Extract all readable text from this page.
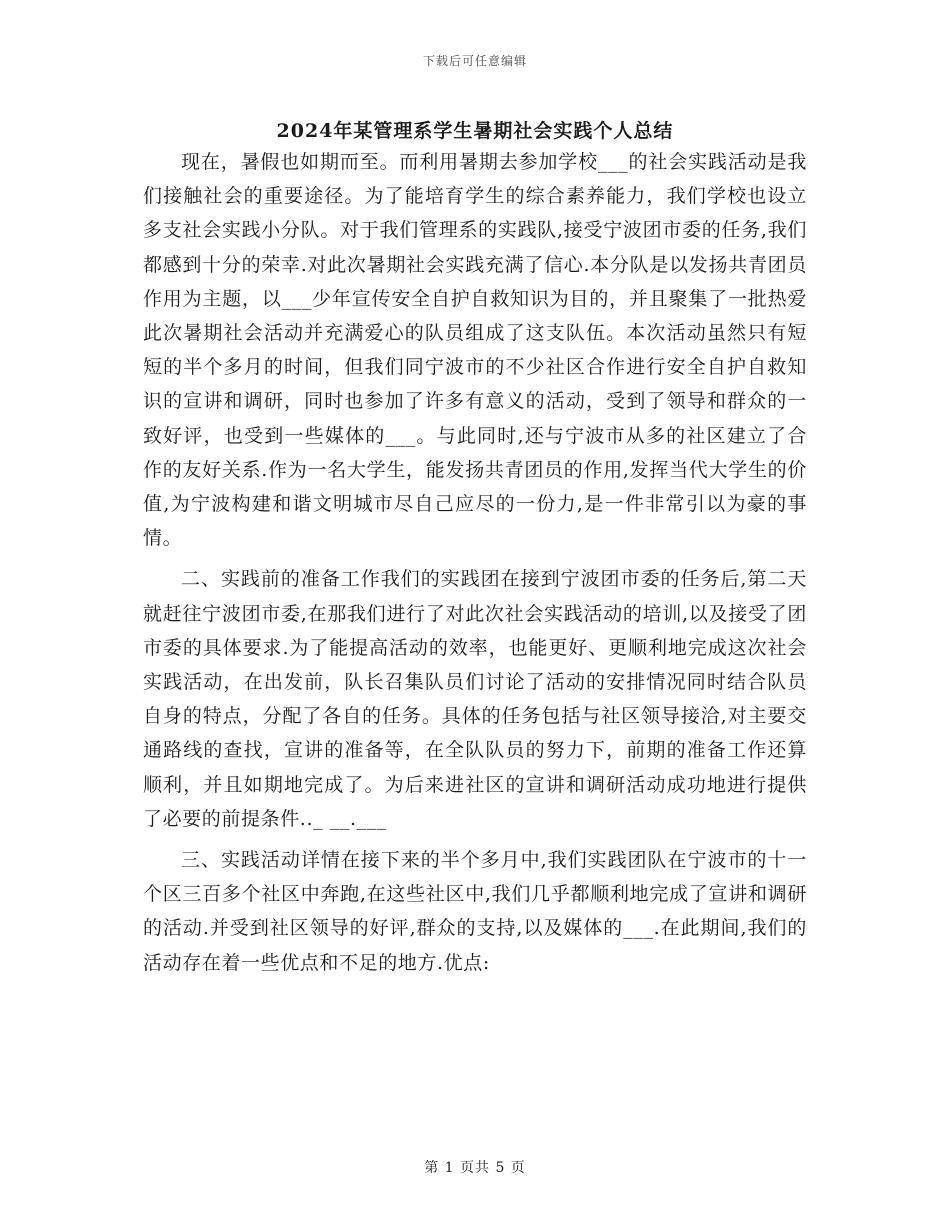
下载后可任意编辑
2024年某管理系学生暑期社会实践个人总结

现在，暑假也如期而至。而利用暑期去参加学校___的社会实践活动是我们接触社会的重要途径。为了能培育学生的综合素养能力，我们学校也设立多支社会实践小分队。对于我们管理系的实践队,接受宁波团市委的任务,我们都感到十分的荣幸.对此次暑期社会实践充满了信心.本分队是以发扬共青团员作用为主题，以___少年宣传安全自护自救知识为目的，并且聚集了一批热爱此次暑期社会活动并充满爱心的队员组成了这支队伍。本次活动虽然只有短短的半个多月的时间，但我们同宁波市的不少社区合作进行安全自护自救知识的宣讲和调研，同时也参加了许多有意义的活动，受到了领导和群众的一致好评，也受到一些媒体的___。与此同时,还与宁波市从多的社区建立了合作的友好关系.作为一名大学生，能发扬共青团员的作用,发挥当代大学生的价值,为宁波构建和谐文明城市尽自己应尽的一份力,是一件非常引以为豪的事情。

二、实践前的准备工作我们的实践团在接到宁波团市委的任务后,第二天就赶往宁波团市委,在那我们进行了对此次社会实践活动的培训,以及接受了团市委的具体要求.为了能提高活动的效率，也能更好、更顺利地完成这次社会实践活动，在出发前，队长召集队员们讨论了活动的安排情况同时结合队员自身的特点，分配了各自的任务。具体的任务包括与社区领导接洽,对主要交通路线的查找，宣讲的准备等，在全队队员的努力下，前期的准备工作还算顺利，并且如期地完成了。为后来进社区的宣讲和调研活动成功地进行提供了必要的前提条件.._ __.___

三、实践活动详情在接下来的半个多月中,我们实践团队在宁波市的十一个区三百多个社区中奔跑,在这些社区中,我们几乎都顺利地完成了宣讲和调研的活动.并受到社区领导的好评,群众的支持,以及媒体的___.在此期间,我们的活动存在着一些优点和不足的地方.优点:

第 1 页共 5 页
